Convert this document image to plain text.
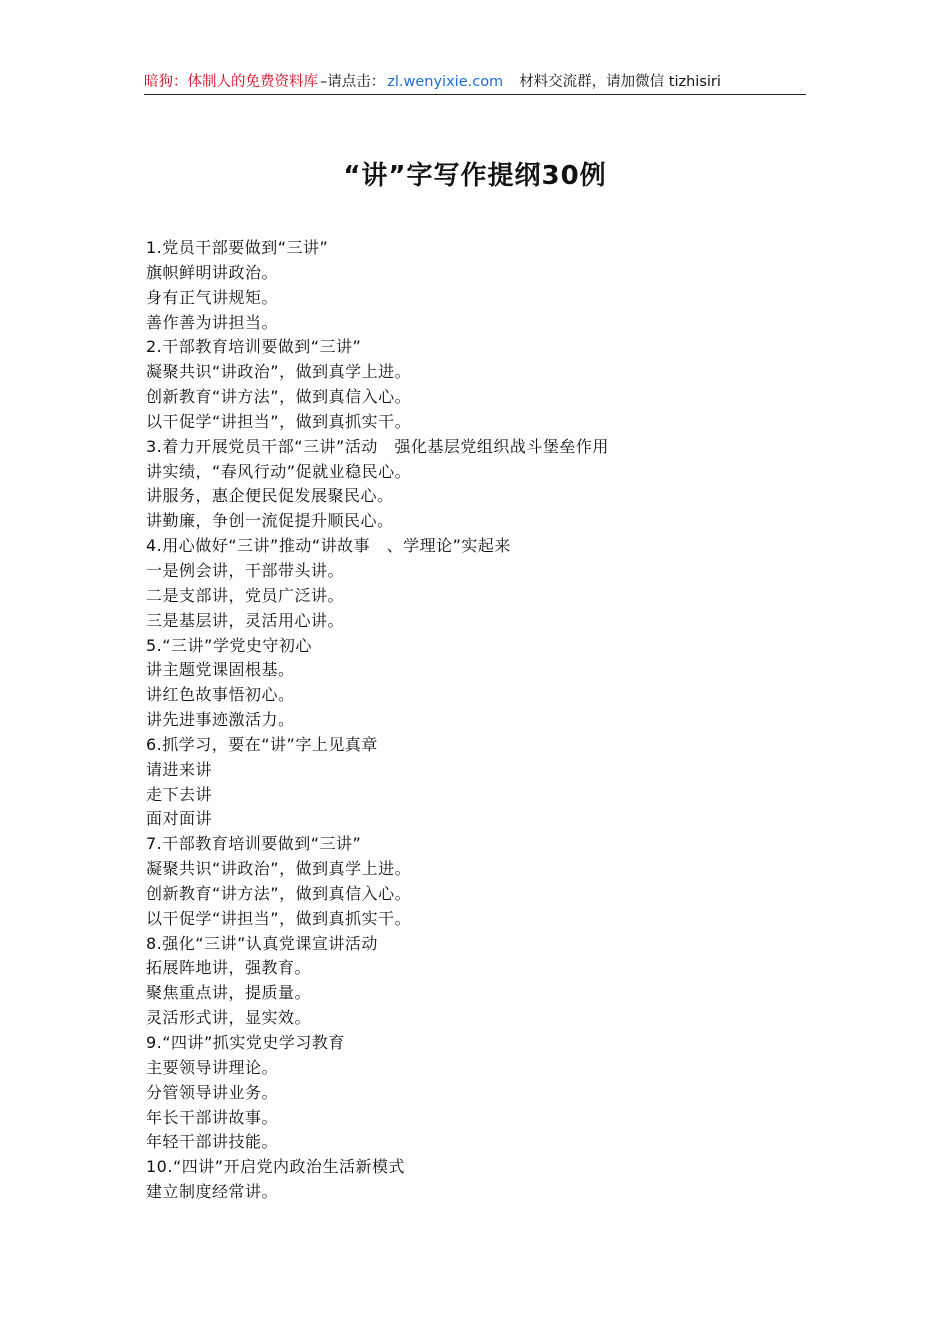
暗狗：体制人的免费资料库 –请点击： zl.wenyixie.com 材料交流群，请加微信 tizhisiri
“讲”字写作提纲30例
1.党员干部要做到“三讲”
旗帜鲜明讲政治。
身有正气讲规矩。
善作善为讲担当。
2.干部教育培训要做到“三讲”
凝聚共识“讲政治”，做到真学上进。
创新教育“讲方法”，做到真信入心。
以干促学“讲担当”，做到真抓实干。
3.着力开展党员干部“三讲”活动　强化基层党组织战斗堡垒作用
讲实绩，“春风行动”促就业稳民心。
讲服务，惠企便民促发展聚民心。
讲勤廉，争创一流促提升顺民心。
4.用心做好“三讲”推动“讲故事　、学理论”实起来
一是例会讲，干部带头讲。
二是支部讲，党员广泛讲。
三是基层讲，灵活用心讲。
5.“三讲”学党史守初心
讲主题党课固根基。
讲红色故事悟初心。
讲先进事迹激活力。
6.抓学习，要在“讲”字上见真章
请进来讲
走下去讲
面对面讲
7.干部教育培训要做到“三讲”
凝聚共识“讲政治”，做到真学上进。
创新教育“讲方法”，做到真信入心。
以干促学“讲担当”，做到真抓实干。
8.强化“三讲”认真党课宣讲活动
拓展阵地讲，强教育。
聚焦重点讲，提质量。
灵活形式讲，显实效。
9.“四讲”抓实党史学习教育
主要领导讲理论。
分管领导讲业务。
年长干部讲故事。
年轻干部讲技能。
10.“四讲”开启党内政治生活新模式
建立制度经常讲。
